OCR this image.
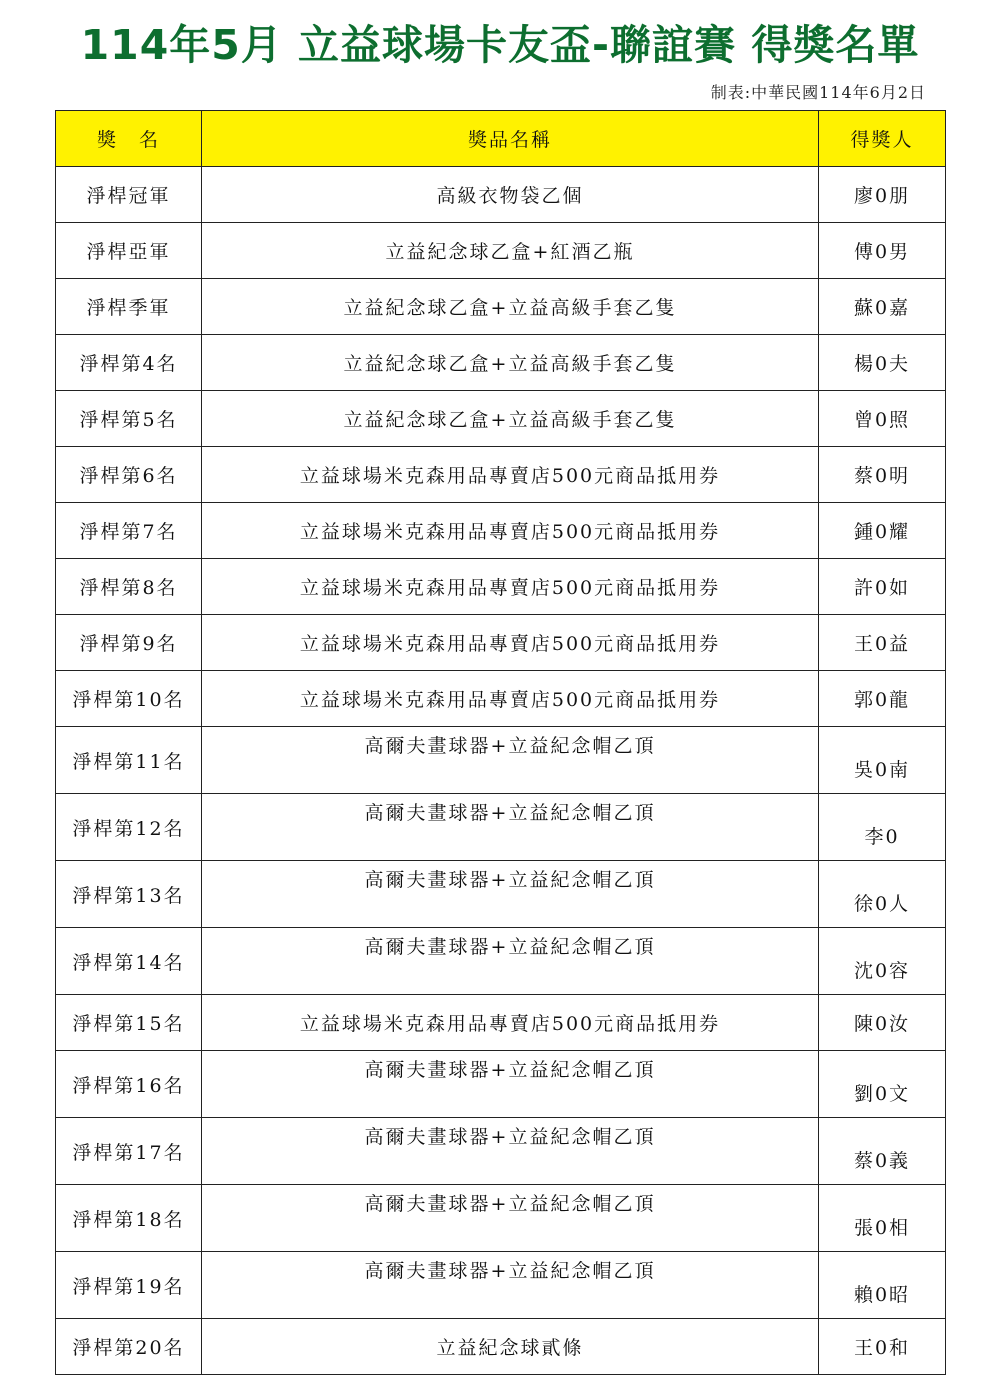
114年5月 立益球場卡友盃-聯誼賽 得獎名單
制表:中華民國114年6月2日
獎　名	獎品名稱	得獎人
淨桿冠軍	高級衣物袋乙個	廖0朋
淨桿亞軍	立益紀念球乙盒+紅酒乙瓶	傅0男
淨桿季軍	立益紀念球乙盒+立益高級手套乙隻	蘇0嘉
淨桿第4名	立益紀念球乙盒+立益高級手套乙隻	楊0夫
淨桿第5名	立益紀念球乙盒+立益高級手套乙隻	曾0照
淨桿第6名	立益球場米克森用品專賣店500元商品抵用券	蔡0明
淨桿第7名	立益球場米克森用品專賣店500元商品抵用券	鍾0耀
淨桿第8名	立益球場米克森用品專賣店500元商品抵用券	許0如
淨桿第9名	立益球場米克森用品專賣店500元商品抵用券	王0益
淨桿第10名	立益球場米克森用品專賣店500元商品抵用券	郭0龍
淨桿第11名	高爾夫畫球器+立益紀念帽乙頂	吳0南
淨桿第12名	高爾夫畫球器+立益紀念帽乙頂	李0
淨桿第13名	高爾夫畫球器+立益紀念帽乙頂	徐0人
淨桿第14名	高爾夫畫球器+立益紀念帽乙頂	沈0容
淨桿第15名	立益球場米克森用品專賣店500元商品抵用券	陳0汝
淨桿第16名	高爾夫畫球器+立益紀念帽乙頂	劉0文
淨桿第17名	高爾夫畫球器+立益紀念帽乙頂	蔡0義
淨桿第18名	高爾夫畫球器+立益紀念帽乙頂	張0相
淨桿第19名	高爾夫畫球器+立益紀念帽乙頂	賴0昭
淨桿第20名	立益紀念球貳條	王0和
